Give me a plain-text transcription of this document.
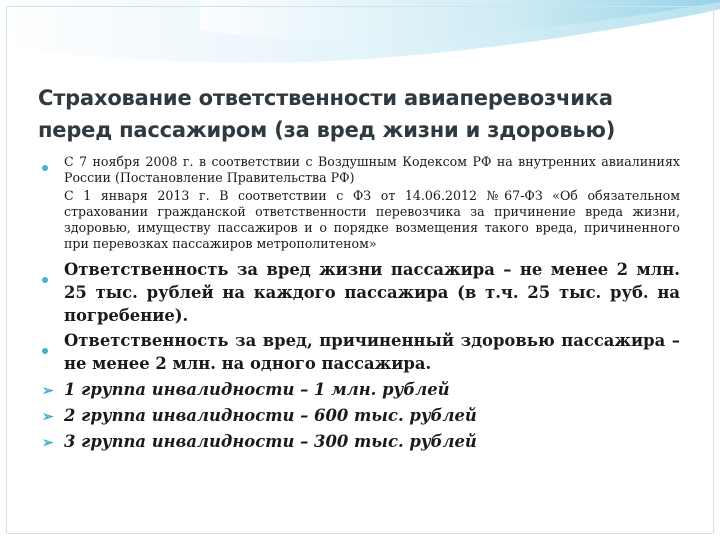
Страхование ответственности авиаперевозчика
перед пассажиром (за вред жизни и здоровью)
С 7 ноября 2008 г. в соответствии с Воздушным Кодексом РФ на внутренних авиалиниях России (Постановление Правительства РФ)
С 1 января 2013 г. В соответствии с ФЗ от 14.06.2012 №67-ФЗ «Об обязательном страховании гражданской ответственности перевозчика за причинение вреда жизни, здоровью, имуществу пассажиров и о порядке возмещения такого вреда, причиненного при перевозках пассажиров метрополитеном»
Ответственность за вред жизни пассажира – не менее 2 млн. 25 тыс. рублей на каждого пассажира (в т.ч. 25 тыс. руб. на погребение).
Ответственность за вред, причиненный здоровью пассажира – не менее 2 млн. на одного пассажира.
➢ 1 группа инвалидности – 1 млн. рублей
➢ 2 группа инвалидности – 600 тыс. рублей
➢ 3 группа инвалидности – 300 тыс. рублей
